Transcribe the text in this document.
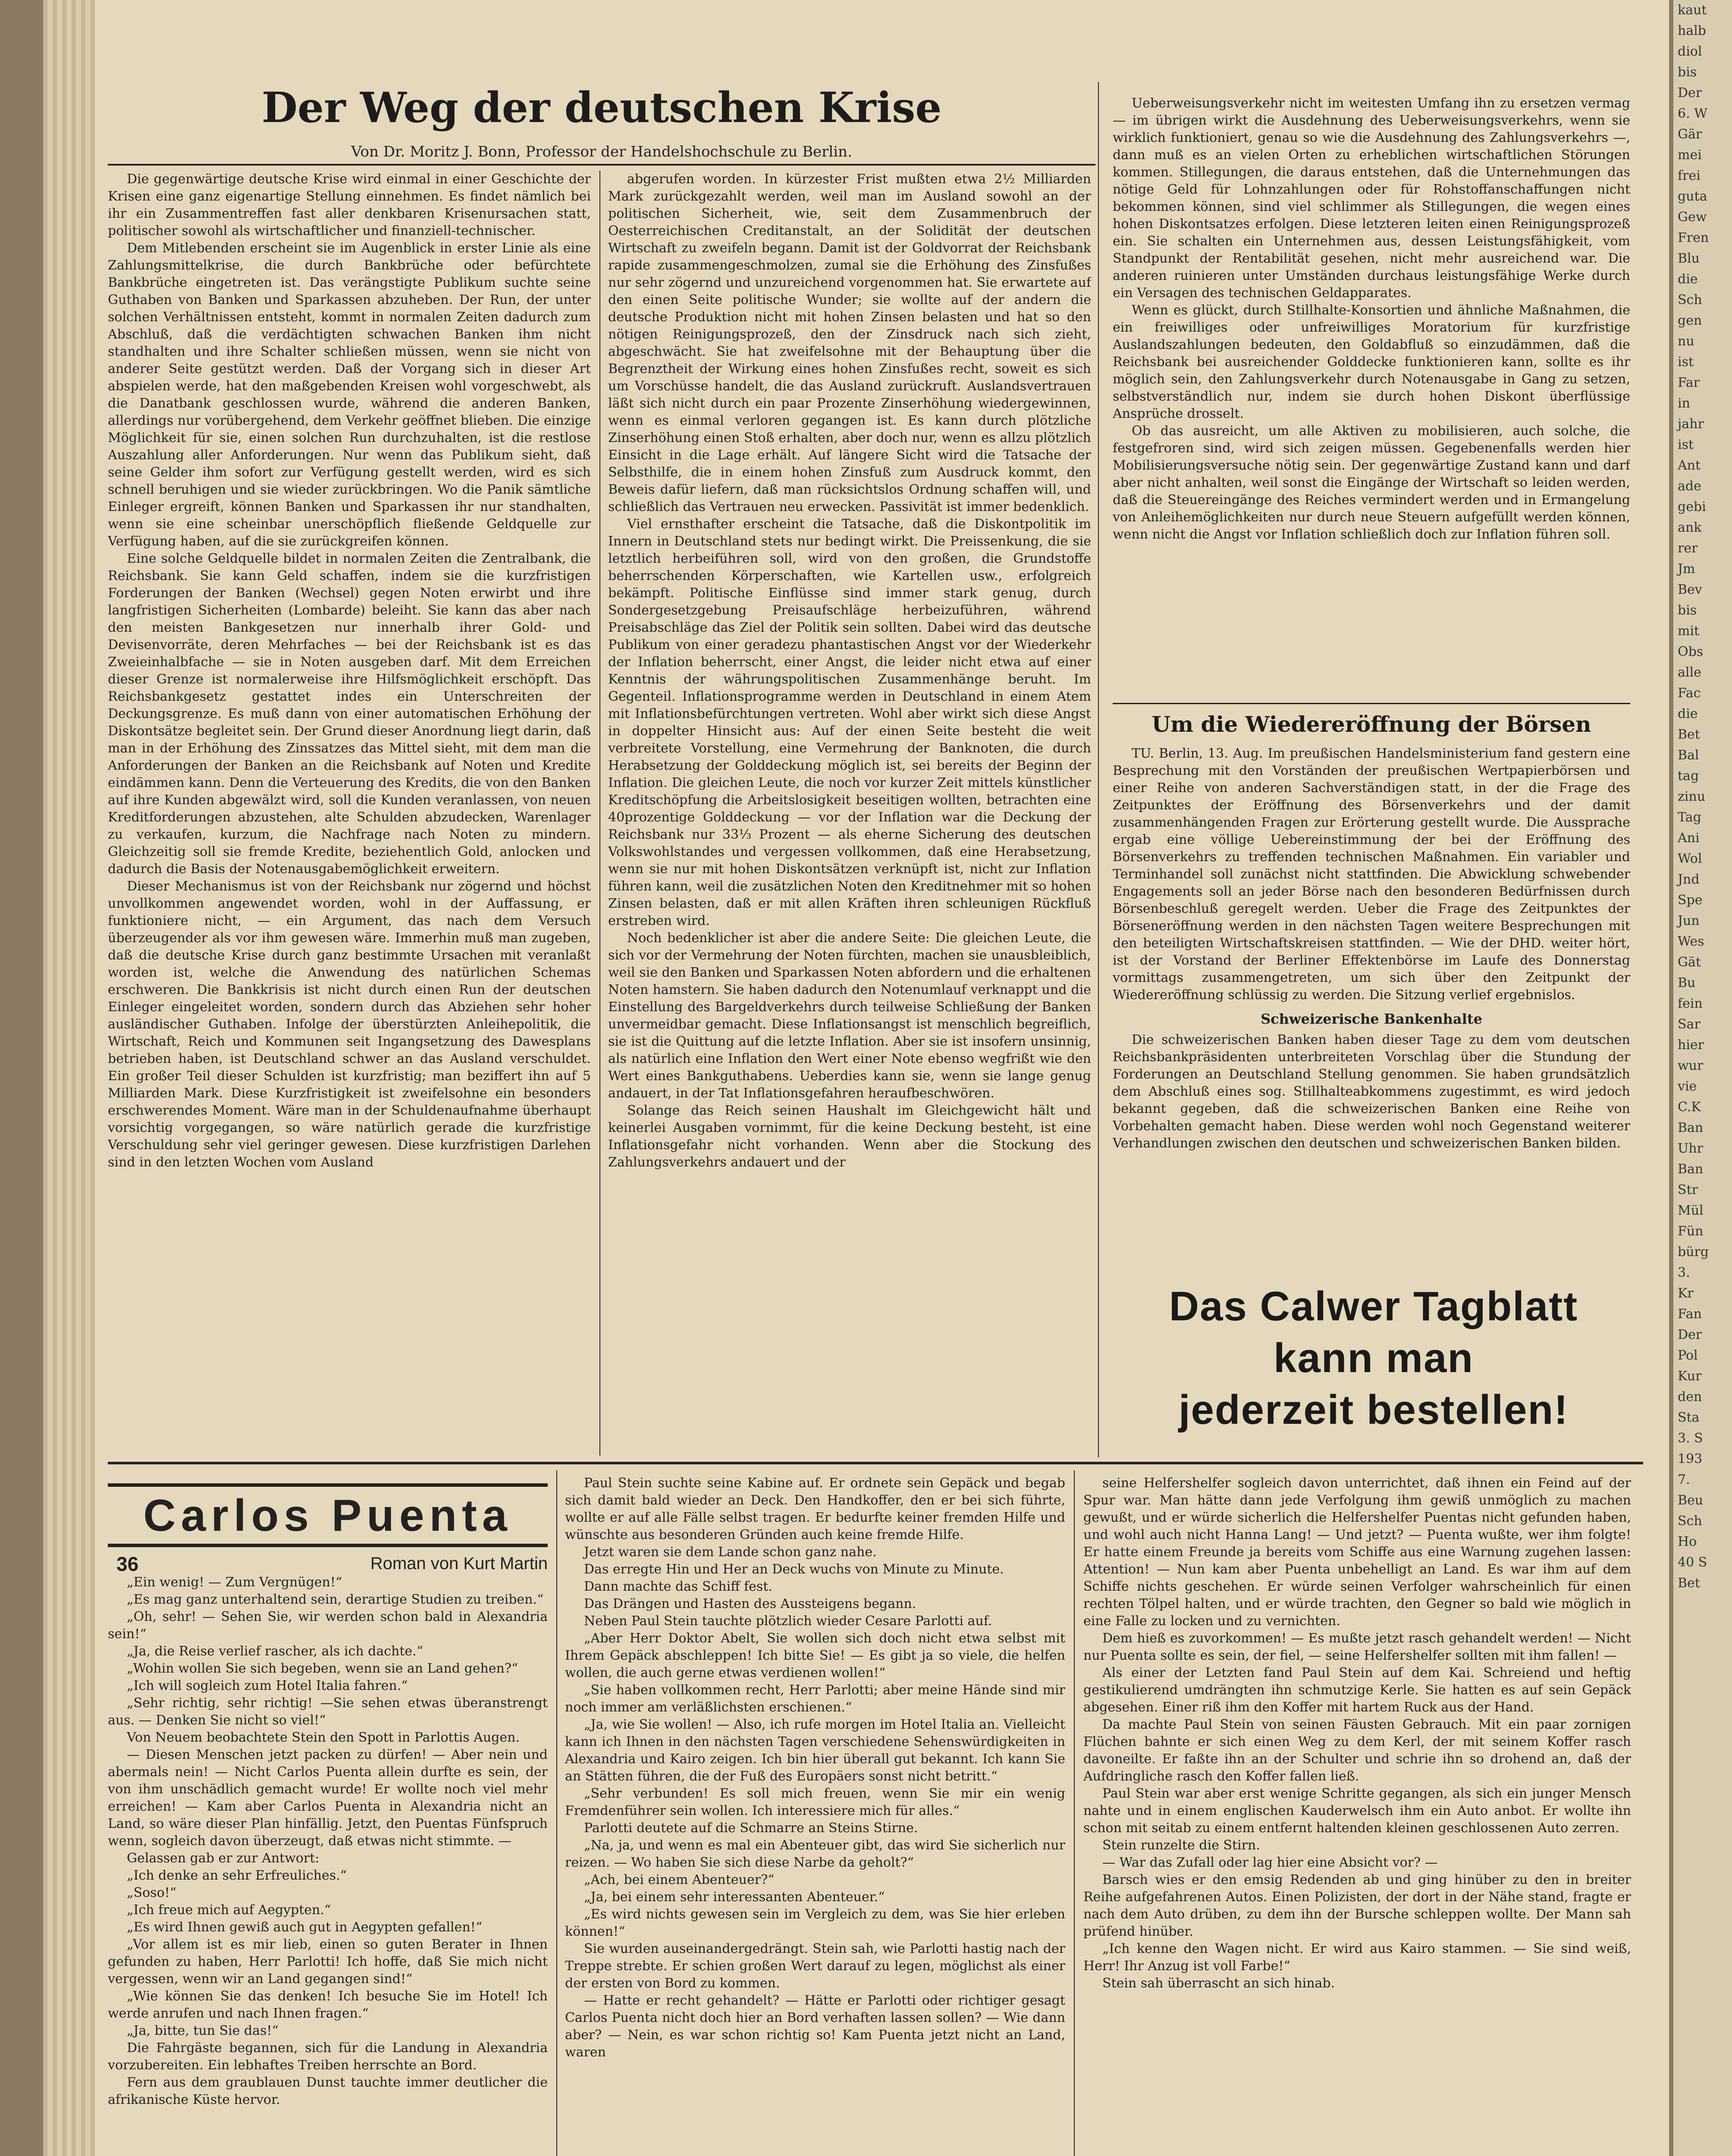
Der Weg der deutschen Krise
Von Dr. Moritz J. Bonn, Professor der Handelshochschule zu Berlin.

Die gegenwärtige deutsche Krise wird einmal in einer Geschichte der Krisen eine ganz eigenartige Stellung einnehmen. Es findet nämlich bei ihr ein Zusammentreffen fast aller denkbaren Krisenursachen statt, politischer sowohl als wirtschaftlicher und finanziell-technischer.

Dem Mitlebenden erscheint sie im Augenblick in erster Linie als eine Zahlungsmittelkrise, die durch Bankbrüche oder befürchtete Bankbrüche eingetreten ist. Das verängstigte Publikum suchte seine Guthaben von Banken und Sparkassen abzuheben. Der Run, der unter solchen Verhältnissen entsteht, kommt in normalen Zeiten dadurch zum Abschluß, daß die verdächtigten schwachen Banken ihm nicht standhalten und ihre Schalter schließen müssen, wenn sie nicht von anderer Seite gestützt werden. Daß der Vorgang sich in dieser Art abspielen werde, hat den maßgebenden Kreisen wohl vorgeschwebt, als die Danatbank geschlossen wurde, während die anderen Banken, allerdings nur vorübergehend, dem Verkehr geöffnet blieben. Die einzige Möglichkeit für sie, einen solchen Run durchzuhalten, ist die restlose Auszahlung aller Anforderungen. Nur wenn das Publikum sieht, daß seine Gelder ihm sofort zur Verfügung gestellt werden, wird es sich schnell beruhigen und sie wieder zurückbringen. Wo die Panik sämtliche Einleger ergreift, können Banken und Sparkassen ihr nur standhalten, wenn sie eine scheinbar unerschöpflich fließende Geldquelle zur Verfügung haben, auf die sie zurückgreifen können.

Eine solche Geldquelle bildet in normalen Zeiten die Zentralbank, die Reichsbank. Sie kann Geld schaffen, indem sie die kurzfristigen Forderungen der Banken (Wechsel) gegen Noten erwirbt und ihre langfristigen Sicherheiten (Lombarde) beleiht. Sie kann das aber nach den meisten Bankgesetzen nur innerhalb ihrer Gold- und Devisenvorräte, deren Mehrfaches — bei der Reichsbank ist es das Zweieinhalbfache — sie in Noten ausgeben darf. Mit dem Erreichen dieser Grenze ist normalerweise ihre Hilfsmöglichkeit erschöpft. Das Reichsbankgesetz gestattet indes ein Unterschreiten der Deckungsgrenze. Es muß dann von einer automatischen Erhöhung der Diskontsätze begleitet sein. Der Grund dieser Anordnung liegt darin, daß man in der Erhöhung des Zinssatzes das Mittel sieht, mit dem man die Anforderungen der Banken an die Reichsbank auf Noten und Kredite eindämmen kann. Denn die Verteuerung des Kredits, die von den Banken auf ihre Kunden abgewälzt wird, soll die Kunden veranlassen, von neuen Kreditforderungen abzustehen, alte Schulden abzudecken, Warenlager zu verkaufen, kurzum, die Nachfrage nach Noten zu mindern. Gleichzeitig soll sie fremde Kredite, beziehentlich Gold, anlocken und dadurch die Basis der Notenausgabemöglichkeit erweitern.

Dieser Mechanismus ist von der Reichsbank nur zögernd und höchst unvollkommen angewendet worden, wohl in der Auffassung, er funktioniere nicht, — ein Argument, das nach dem Versuch überzeugender als vor ihm gewesen wäre. Immerhin muß man zugeben, daß die deutsche Krise durch ganz bestimmte Ursachen mit veranlaßt worden ist, welche die Anwendung des natürlichen Schemas erschweren. Die Bankkrisis ist nicht durch einen Run der deutschen Einleger eingeleitet worden, sondern durch das Abziehen sehr hoher ausländischer Guthaben. Infolge der überstürzten Anleihepolitik, die Wirtschaft, Reich und Kommunen seit Ingangsetzung des Dawesplans betrieben haben, ist Deutschland schwer an das Ausland verschuldet. Ein großer Teil dieser Schulden ist kurzfristig; man beziffert ihn auf 5 Milliarden Mark. Diese Kurzfristigkeit ist zweifelsohne ein besonders erschwerendes Moment. Wäre man in der Schuldenaufnahme überhaupt vorsichtig vorgegangen, so wäre natürlich gerade die kurzfristige Verschuldung sehr viel geringer gewesen. Diese kurzfristigen Darlehen sind in den letzten Wochen vom Ausland

abgerufen worden. In kürzester Frist mußten etwa 2½ Milliarden Mark zurückgezahlt werden, weil man im Ausland sowohl an der politischen Sicherheit, wie, seit dem Zusammenbruch der Oesterreichischen Creditanstalt, an der Solidität der deutschen Wirtschaft zu zweifeln begann. Damit ist der Goldvorrat der Reichsbank rapide zusammengeschmolzen, zumal sie die Erhöhung des Zinsfußes nur sehr zögernd und unzureichend vorgenommen hat. Sie erwartete auf den einen Seite politische Wunder; sie wollte auf der andern die deutsche Produktion nicht mit hohen Zinsen belasten und hat so den nötigen Reinigungsprozeß, den der Zinsdruck nach sich zieht, abgeschwächt. Sie hat zweifelsohne mit der Behauptung über die Begrenztheit der Wirkung eines hohen Zinsfußes recht, soweit es sich um Vorschüsse handelt, die das Ausland zurückruft. Auslandsvertrauen läßt sich nicht durch ein paar Prozente Zinserhöhung wiedergewinnen, wenn es einmal verloren gegangen ist. Es kann durch plötzliche Zinserhöhung einen Stoß erhalten, aber doch nur, wenn es allzu plötzlich Einsicht in die Lage erhält. Auf längere Sicht wird die Tatsache der Selbsthilfe, die in einem hohen Zinsfuß zum Ausdruck kommt, den Beweis dafür liefern, daß man rücksichtslos Ordnung schaffen will, und schließlich das Vertrauen neu erwecken. Passivität ist immer bedenklich.

Viel ernsthafter erscheint die Tatsache, daß die Diskontpolitik im Innern in Deutschland stets nur bedingt wirkt. Die Preissenkung, die sie letztlich herbeiführen soll, wird von den großen, die Grundstoffe beherrschenden Körperschaften, wie Kartellen usw., erfolgreich bekämpft. Politische Einflüsse sind immer stark genug, durch Sondergesetzgebung Preisaufschläge herbeizuführen, während Preisabschläge das Ziel der Politik sein sollten. Dabei wird das deutsche Publikum von einer geradezu phantastischen Angst vor der Wiederkehr der Inflation beherrscht, einer Angst, die leider nicht etwa auf einer Kenntnis der währungspolitischen Zusammenhänge beruht. Im Gegenteil. Inflationsprogramme werden in Deutschland in einem Atem mit Inflationsbefürchtungen vertreten. Wohl aber wirkt sich diese Angst in doppelter Hinsicht aus: Auf der einen Seite besteht die weit verbreitete Vorstellung, eine Vermehrung der Banknoten, die durch Herabsetzung der Golddeckung möglich ist, sei bereits der Beginn der Inflation. Die gleichen Leute, die noch vor kurzer Zeit mittels künstlicher Kreditschöpfung die Arbeitslosigkeit beseitigen wollten, betrachten eine 40prozentige Golddeckung — vor der Inflation war die Deckung der Reichsbank nur 33⅓ Prozent — als eherne Sicherung des deutschen Volkswohlstandes und vergessen vollkommen, daß eine Herabsetzung, wenn sie nur mit hohen Diskontsätzen verknüpft ist, nicht zur Inflation führen kann, weil die zusätzlichen Noten den Kreditnehmer mit so hohen Zinsen belasten, daß er mit allen Kräften ihren schleunigen Rückfluß erstreben wird.

Noch bedenklicher ist aber die andere Seite: Die gleichen Leute, die sich vor der Vermehrung der Noten fürchten, machen sie unausbleiblich, weil sie den Banken und Sparkassen Noten abfordern und die erhaltenen Noten hamstern. Sie haben dadurch den Notenumlauf verknappt und die Einstellung des Bargeldverkehrs durch teilweise Schließung der Banken unvermeidbar gemacht. Diese Inflationsangst ist menschlich begreiflich, sie ist die Quittung auf die letzte Inflation. Aber sie ist insofern unsinnig, als natürlich eine Inflation den Wert einer Note ebenso wegfrißt wie den Wert eines Bankguthabens. Ueberdies kann sie, wenn sie lange genug andauert, in der Tat Inflationsgefahren heraufbeschwören.

Solange das Reich seinen Haushalt im Gleichgewicht hält und keinerlei Ausgaben vornimmt, für die keine Deckung besteht, ist eine Inflationsgefahr nicht vorhanden. Wenn aber die Stockung des Zahlungsverkehrs andauert und der

Ueberweisungsverkehr nicht im weitesten Umfang ihn zu ersetzen vermag — im übrigen wirkt die Ausdehnung des Ueberweisungsverkehrs, wenn sie wirklich funktioniert, genau so wie die Ausdehnung des Zahlungsverkehrs —, dann muß es an vielen Orten zu erheblichen wirtschaftlichen Störungen kommen. Stillegungen, die daraus entstehen, daß die Unternehmungen das nötige Geld für Lohnzahlungen oder für Rohstoffanschaffungen nicht bekommen können, sind viel schlimmer als Stillegungen, die wegen eines hohen Diskontsatzes erfolgen. Diese letzteren leiten einen Reinigungsprozeß ein. Sie schalten ein Unternehmen aus, dessen Leistungsfähigkeit, vom Standpunkt der Rentabilität gesehen, nicht mehr ausreichend war. Die anderen ruinieren unter Umständen durchaus leistungsfähige Werke durch ein Versagen des technischen Geldapparates.

Wenn es glückt, durch Stillhalte-Konsortien und ähnliche Maßnahmen, die ein freiwilliges oder unfreiwilliges Moratorium für kurzfristige Auslandszahlungen bedeuten, den Goldabfluß so einzudämmen, daß die Reichsbank bei ausreichender Golddecke funktionieren kann, sollte es ihr möglich sein, den Zahlungsverkehr durch Notenausgabe in Gang zu setzen, selbstverständlich nur, indem sie durch hohen Diskont überflüssige Ansprüche drosselt.

Ob das ausreicht, um alle Aktiven zu mobilisieren, auch solche, die festgefroren sind, wird sich zeigen müssen. Gegebenenfalls werden hier Mobilisierungsversuche nötig sein. Der gegenwärtige Zustand kann und darf aber nicht anhalten, weil sonst die Eingänge der Wirtschaft so leiden werden, daß die Steuereingänge des Reiches vermindert werden und in Ermangelung von Anleihemöglichkeiten nur durch neue Steuern aufgefüllt werden können, wenn nicht die Angst vor Inflation schließlich doch zur Inflation führen soll.

Um die Wiedereröffnung der Börsen

TU. Berlin, 13. Aug. Im preußischen Handelsministerium fand gestern eine Besprechung mit den Vorständen der preußischen Wertpapierbörsen und einer Reihe von anderen Sachverständigen statt, in der die Frage des Zeitpunktes der Eröffnung des Börsenverkehrs und der damit zusammenhängenden Fragen zur Erörterung gestellt wurde. Die Aussprache ergab eine völlige Uebereinstimmung der bei der Eröffnung des Börsenverkehrs zu treffenden technischen Maßnahmen. Ein variabler und Terminhandel soll zunächst nicht stattfinden. Die Abwicklung schwebender Engagements soll an jeder Börse nach den besonderen Bedürfnissen durch Börsenbeschluß geregelt werden. Ueber die Frage des Zeitpunktes der Börseneröffnung werden in den nächsten Tagen weitere Besprechungen mit den beteiligten Wirtschaftskreisen stattfinden. — Wie der DHD. weiter hört, ist der Vorstand der Berliner Effektenbörse im Laufe des Donnerstag vormittags zusammengetreten, um sich über den Zeitpunkt der Wiedereröffnung schlüssig zu werden. Die Sitzung verlief ergebnislos.

Schweizerische Bankenhalte

Die schweizerischen Banken haben dieser Tage zu dem vom deutschen Reichsbankpräsidenten unterbreiteten Vorschlag über die Stundung der Forderungen an Deutschland Stellung genommen. Sie haben grundsätzlich dem Abschluß eines sog. Stillhalteabkommens zugestimmt, es wird jedoch bekannt gegeben, daß die schweizerischen Banken eine Reihe von Vorbehalten gemacht haben. Diese werden wohl noch Gegenstand weiterer Verhandlungen zwischen den deutschen und schweizerischen Banken bilden.

Das Calwer Tagblatt
kann man
jederzeit bestellen!
Carlos Puenta
36	Roman von Kurt Martin

„Ein wenig! — Zum Vergnügen!“

„Es mag ganz unterhaltend sein, derartige Studien zu treiben.“

„Oh, sehr! — Sehen Sie, wir werden schon bald in Alexandria sein!“

„Ja, die Reise verlief rascher, als ich dachte.“

„Wohin wollen Sie sich begeben, wenn sie an Land gehen?“

„Ich will sogleich zum Hotel Italia fahren.“

„Sehr richtig, sehr richtig! —Sie sehen etwas überanstrengt aus. — Denken Sie nicht so viel!“

Von Neuem beobachtete Stein den Spott in Parlottis Augen.

— Diesen Menschen jetzt packen zu dürfen! — Aber nein und abermals nein! — Nicht Carlos Puenta allein durfte es sein, der von ihm unschädlich gemacht wurde! Er wollte noch viel mehr erreichen! — Kam aber Carlos Puenta in Alexandria nicht an Land, so wäre dieser Plan hinfällig. Jetzt, den Puentas Fünfspruch wenn, sogleich davon überzeugt, daß etwas nicht stimmte. —

Gelassen gab er zur Antwort:

„Ich denke an sehr Erfreuliches.“

„Soso!“

„Ich freue mich auf Aegypten.“

„Es wird Ihnen gewiß auch gut in Aegypten gefallen!“

„Vor allem ist es mir lieb, einen so guten Berater in Ihnen gefunden zu haben, Herr Parlotti! Ich hoffe, daß Sie mich nicht vergessen, wenn wir an Land gegangen sind!“

„Wie können Sie das denken! Ich besuche Sie im Hotel! Ich werde anrufen und nach Ihnen fragen.“

„Ja, bitte, tun Sie das!“

Die Fahrgäste begannen, sich für die Landung in Alexandria vorzubereiten. Ein lebhaftes Treiben herrschte an Bord.

Fern aus dem graublauen Dunst tauchte immer deutlicher die afrikanische Küste hervor.

Paul Stein suchte seine Kabine auf. Er ordnete sein Gepäck und begab sich damit bald wieder an Deck. Den Handkoffer, den er bei sich führte, wollte er auf alle Fälle selbst tragen. Er bedurfte keiner fremden Hilfe und wünschte aus besonderen Gründen auch keine fremde Hilfe.

Jetzt waren sie dem Lande schon ganz nahe.

Das erregte Hin und Her an Deck wuchs von Minute zu Minute.

Dann machte das Schiff fest.

Das Drängen und Hasten des Aussteigens begann.

Neben Paul Stein tauchte plötzlich wieder Cesare Parlotti auf.

„Aber Herr Doktor Abelt, Sie wollen sich doch nicht etwa selbst mit Ihrem Gepäck abschleppen! Ich bitte Sie! — Es gibt ja so viele, die helfen wollen, die auch gerne etwas verdienen wollen!“

„Sie haben vollkommen recht, Herr Parlotti; aber meine Hände sind mir noch immer am verläßlichsten erschienen.“

„Ja, wie Sie wollen! — Also, ich rufe morgen im Hotel Italia an. Vielleicht kann ich Ihnen in den nächsten Tagen verschiedene Sehenswürdigkeiten in Alexandria und Kairo zeigen. Ich bin hier überall gut bekannt. Ich kann Sie an Stätten führen, die der Fuß des Europäers sonst nicht betritt.“

„Sehr verbunden! Es soll mich freuen, wenn Sie mir ein wenig Fremdenführer sein wollen. Ich interessiere mich für alles.“

Parlotti deutete auf die Schmarre an Steins Stirne.

„Na, ja, und wenn es mal ein Abenteuer gibt, das wird Sie sicherlich nur reizen. — Wo haben Sie sich diese Narbe da geholt?“

„Ach, bei einem Abenteuer?“

„Ja, bei einem sehr interessanten Abenteuer.“

„Es wird nichts gewesen sein im Vergleich zu dem, was Sie hier erleben können!“

Sie wurden auseinandergedrängt. Stein sah, wie Parlotti hastig nach der Treppe strebte. Er schien großen Wert darauf zu legen, möglichst als einer der ersten von Bord zu kommen.

— Hatte er recht gehandelt? — Hätte er Parlotti oder richtiger gesagt Carlos Puenta nicht doch hier an Bord verhaften lassen sollen? — Wie dann aber? — Nein, es war schon richtig so! Kam Puenta jetzt nicht an Land, waren

seine Helfershelfer sogleich davon unterrichtet, daß ihnen ein Feind auf der Spur war. Man hätte dann jede Verfolgung ihm gewiß unmöglich zu machen gewußt, und er würde sicherlich die Helfershelfer Puentas nicht gefunden haben, und wohl auch nicht Hanna Lang! — Und jetzt? — Puenta wußte, wer ihm folgte! Er hatte einem Freunde ja bereits vom Schiffe aus eine Warnung zugehen lassen: Attention! — Nun kam aber Puenta unbehelligt an Land. Es war ihm auf dem Schiffe nichts geschehen. Er würde seinen Verfolger wahrscheinlich für einen rechten Tölpel halten, und er würde trachten, den Gegner so bald wie möglich in eine Falle zu locken und zu vernichten.

Dem hieß es zuvorkommen! — Es mußte jetzt rasch gehandelt werden! — Nicht nur Puenta sollte es sein, der fiel, — seine Helfershelfer sollten mit ihm fallen! —

Als einer der Letzten fand Paul Stein auf dem Kai. Schreiend und heftig gestikulierend umdrängten ihn schmutzige Kerle. Sie hatten es auf sein Gepäck abgesehen. Einer riß ihm den Koffer mit hartem Ruck aus der Hand.

Da machte Paul Stein von seinen Fäusten Gebrauch. Mit ein paar zornigen Flüchen bahnte er sich einen Weg zu dem Kerl, der mit seinem Koffer rasch davoneilte. Er faßte ihn an der Schulter und schrie ihn so drohend an, daß der Aufdringliche rasch den Koffer fallen ließ.

Paul Stein war aber erst wenige Schritte gegangen, als sich ein junger Mensch nahte und in einem englischen Kauderwelsch ihm ein Auto anbot. Er wollte ihn schon mit seitab zu einem entfernt haltenden kleinen geschlossenen Auto zerren.

Stein runzelte die Stirn.

— War das Zufall oder lag hier eine Absicht vor? —

Barsch wies er den emsig Redenden ab und ging hinüber zu den in breiter Reihe aufgefahrenen Autos. Einen Polizisten, der dort in der Nähe stand, fragte er nach dem Auto drüben, zu dem ihn der Bursche schleppen wollte. Der Mann sah prüfend hinüber.

„Ich kenne den Wagen nicht. Er wird aus Kairo stammen. — Sie sind weiß, Herr! Ihr Anzug ist voll Farbe!“

Stein sah überrascht an sich hinab.

kaut
halb
diol
bis
Der
6. W
Gär
mei
frei
guta
Gew
Fren
Blu
die
Sch
gen
nu
ist
Far
in
jahr
ist
Ant
ade
gebi
ank
rer
Jm
Bev
bis
mit
Obs
alle
Fac
die
Bet
Bal
tag
zinu
Tag
Ani
Wol
Jnd
Spe
Jun
Wes
Gät
Bu
fein
Sar
hier
wur
vie
C.K
Ban
Uhr
Ban
Str
Mül
Fün
bürg
3.
Kr
Fan
Der
Pol
Kur
den
Sta
3. S
193
7.
Beu
Sch
Ho
40 S
Bet
